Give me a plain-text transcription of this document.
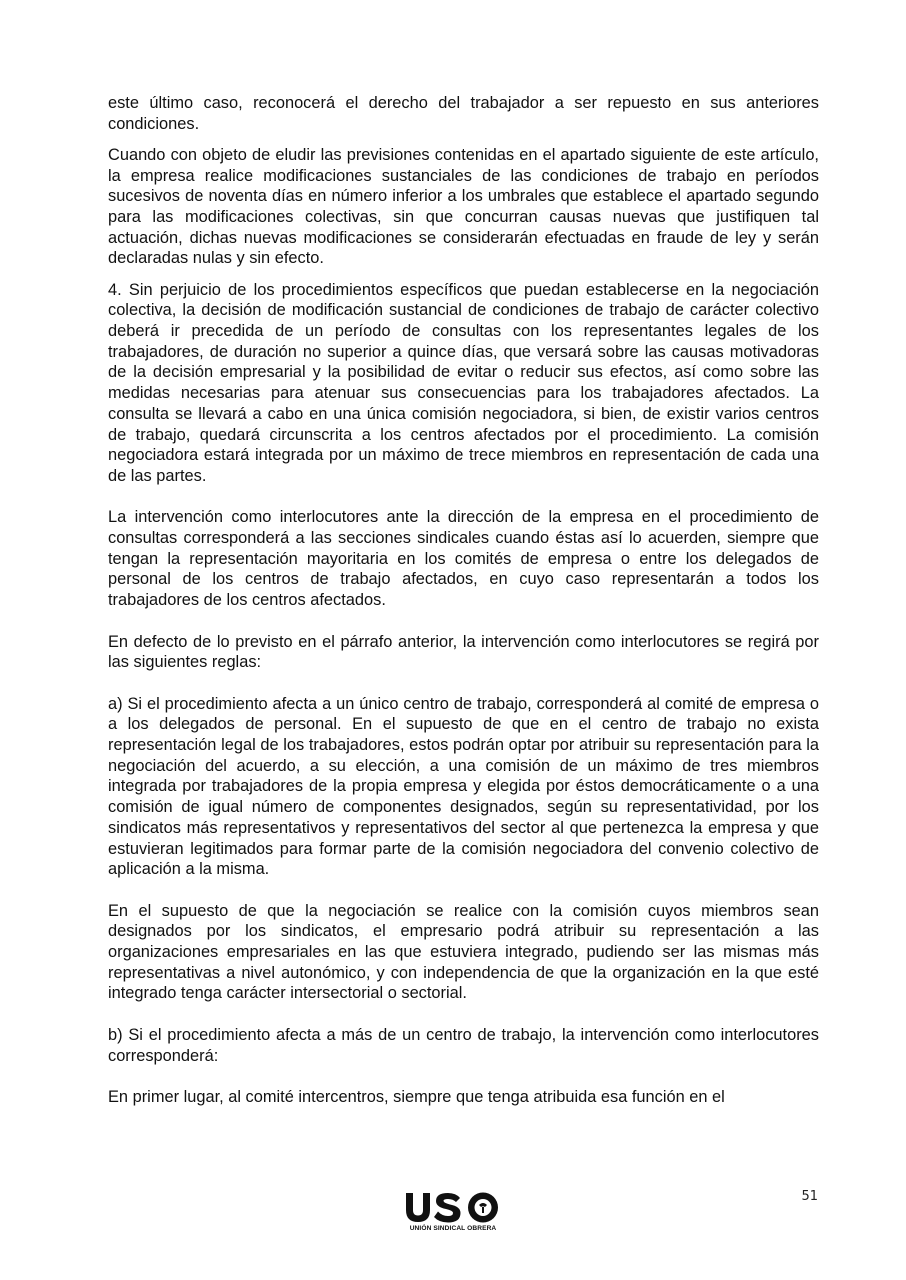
este último caso, reconocerá el derecho del trabajador a ser repuesto en sus anteriores condiciones.

Cuando con objeto de eludir las previsiones contenidas en el apartado siguiente de este artículo, la empresa realice modificaciones sustanciales de las condiciones de trabajo en períodos sucesivos de noventa días en número inferior a los umbrales que establece el apartado segundo para las modificaciones colectivas, sin que concurran causas nuevas que justifiquen tal actuación, dichas nuevas modificaciones se considerarán efectuadas en fraude de ley y serán declaradas nulas y sin efecto.

4. Sin perjuicio de los procedimientos específicos que puedan establecerse en la negociación colectiva, la decisión de modificación sustancial de condiciones de trabajo de carácter colectivo deberá ir precedida de un período de consultas con los representantes legales de los trabajadores, de duración no superior a quince días, que versará sobre las causas motivadoras de la decisión empresarial y la posibilidad de evitar o reducir sus efectos, así como sobre las medidas necesarias para atenuar sus consecuencias para los trabajadores afectados. La consulta se llevará a cabo en una única comisión negociadora, si bien, de existir varios centros de trabajo, quedará circunscrita a los centros afectados por el procedimiento. La comisión negociadora estará integrada por un máximo de trece miembros en representación de cada una de las partes.

La intervención como interlocutores ante la dirección de la empresa en el procedimiento de consultas corresponderá a las secciones sindicales cuando éstas así lo acuerden, siempre que tengan la representación mayoritaria en los comités de empresa o entre los delegados de personal de los centros de trabajo afectados, en cuyo caso representarán a todos los trabajadores de los centros afectados.

En defecto de lo previsto en el párrafo anterior, la intervención como interlocutores se regirá por las siguientes reglas:

a) Si el procedimiento afecta a un único centro de trabajo, corresponderá al comité de empresa o a los delegados de personal. En el supuesto de que en el centro de trabajo no exista representación legal de los trabajadores, estos podrán optar por atribuir su representación para la negociación del acuerdo, a su elección, a una comisión de un máximo de tres miembros integrada por trabajadores de la propia empresa y elegida por éstos democráticamente o a una comisión de igual número de componentes designados, según su representatividad, por los sindicatos más representativos y representativos del sector al que pertenezca la empresa y que estuvieran legitimados para formar parte de la comisión negociadora del convenio colectivo de aplicación a la misma.

En el supuesto de que la negociación se realice con la comisión cuyos miembros sean designados por los sindicatos, el empresario podrá atribuir su representación a las organizaciones empresariales en las que estuviera integrado, pudiendo ser las mismas más representativas a nivel autonómico, y con independencia de que la organización en la que esté integrado tenga carácter intersectorial o sectorial.

b) Si el procedimiento afecta a más de un centro de trabajo, la intervención como interlocutores corresponderá:

En primer lugar, al comité intercentros, siempre que tenga atribuida esa función en el

51
UNIÓN SINDICAL OBRERA
